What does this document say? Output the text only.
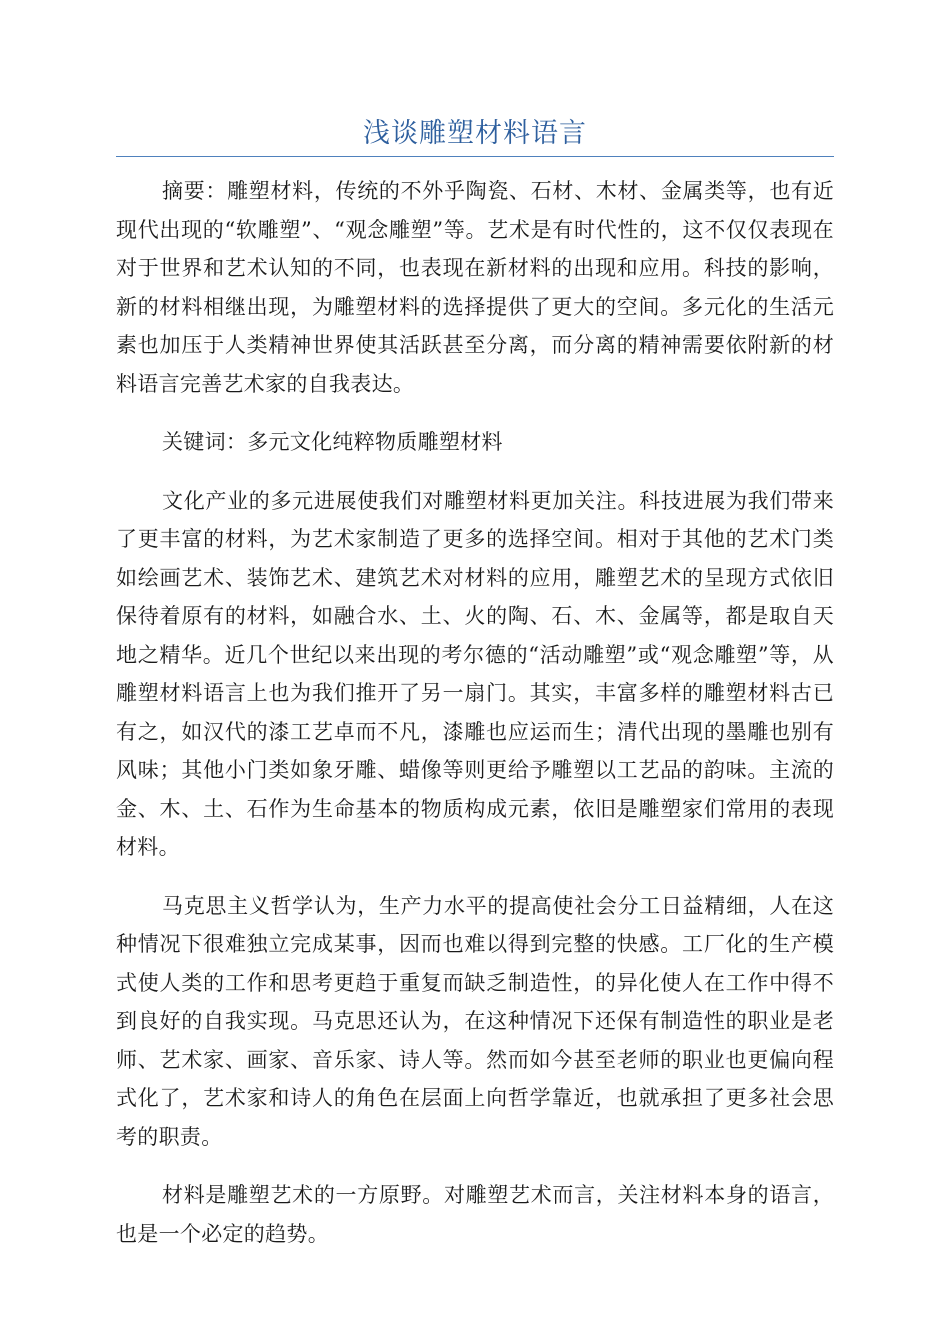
浅谈雕塑材料语言

摘要：雕塑材料，传统的不外乎陶瓷、石材、木材、金属类等，也有近现代出现的“软雕塑”、“观念雕塑”等。艺术是有时代性的，这不仅仅表现在对于世界和艺术认知的不同，也表现在新材料的出现和应用。科技的影响，新的材料相继出现，为雕塑材料的选择提供了更大的空间。多元化的生活元素也加压于人类精神世界使其活跃甚至分离，而分离的精神需要依附新的材料语言完善艺术家的自我表达。

关键词：多元文化纯粹物质雕塑材料

文化产业的多元进展使我们对雕塑材料更加关注。科技进展为我们带来了更丰富的材料，为艺术家制造了更多的选择空间。相对于其他的艺术门类如绘画艺术、装饰艺术、建筑艺术对材料的应用，雕塑艺术的呈现方式依旧保待着原有的材料，如融合水、土、火的陶、石、木、金属等，都是取自天地之精华。近几个世纪以来出现的考尔德的“活动雕塑”或“观念雕塑”等，从雕塑材料语言上也为我们推开了另一扇门。其实，丰富多样的雕塑材料古已有之，如汉代的漆工艺卓而不凡，漆雕也应运而生；清代出现的墨雕也别有风味；其他小门类如象牙雕、蜡像等则更给予雕塑以工艺品的韵味。主流的金、木、土、石作为生命基本的物质构成元素，依旧是雕塑家们常用的表现材料。

马克思主义哲学认为，生产力水平的提高使社会分工日益精细，人在这种情况下很难独立完成某事，因而也难以得到完整的快感。工厂化的生产模式使人类的工作和思考更趋于重复而缺乏制造性，的异化使人在工作中得不到良好的自我实现。马克思还认为，在这种情况下还保有制造性的职业是老师、艺术家、画家、音乐家、诗人等。然而如今甚至老师的职业也更偏向程式化了，艺术家和诗人的角色在层面上向哲学靠近，也就承担了更多社会思考的职责。

材料是雕塑艺术的一方原野。对雕塑艺术而言，关注材料本身的语言，也是一个必定的趋势。
